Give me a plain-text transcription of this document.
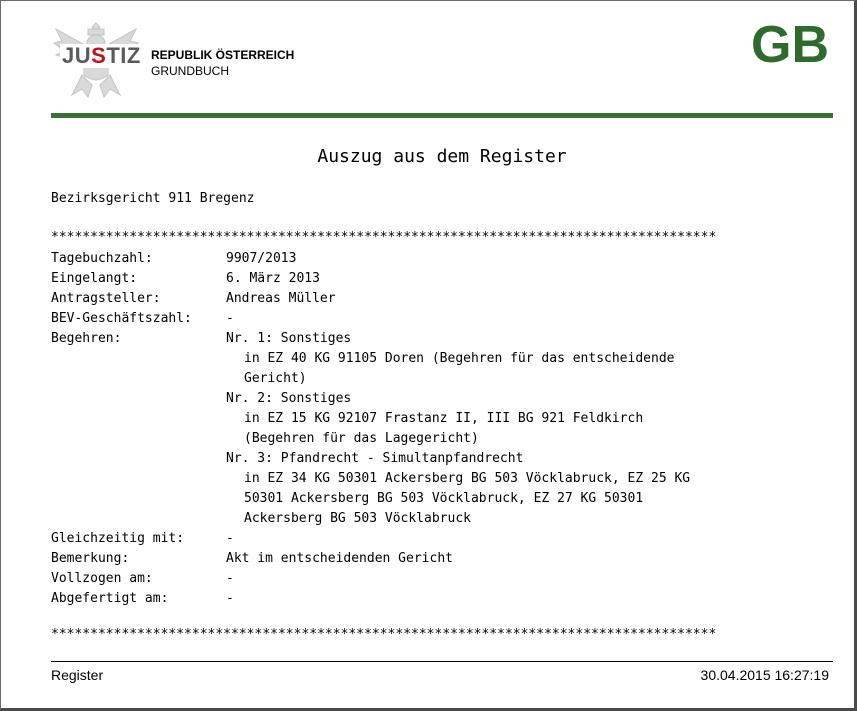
JUSTIZ REPUBLIK ÖSTERREICH
GRUNDBUCH	GB
Auszug aus dem Register
Bezirksgericht 911 Bregenz
*************************************************************************************
Tagebuchzahl:	9907/2013
Eingelangt:	6. März 2013
Antragsteller:	Andreas Müller
BEV-Geschäftszahl:	-
Begehren:	Nr. 1: Sonstiges
in EZ 40 KG 91105 Doren (Begehren für das entscheidende
Gericht)
Nr. 2: Sonstiges
in EZ 15 KG 92107 Frastanz II, III BG 921 Feldkirch
(Begehren für das Lagegericht)
Nr. 3: Pfandrecht - Simultanpfandrecht
in EZ 34 KG 50301 Ackersberg BG 503 Vöcklabruck, EZ 25 KG
50301 Ackersberg BG 503 Vöcklabruck, EZ 27 KG 50301
Ackersberg BG 503 Vöcklabruck
Gleichzeitig mit:	-
Bemerkung:	Akt im entscheidenden Gericht
Vollzogen am:	-
Abgefertigt am:	-
*************************************************************************************
Register	30.04.2015 16:27:19
